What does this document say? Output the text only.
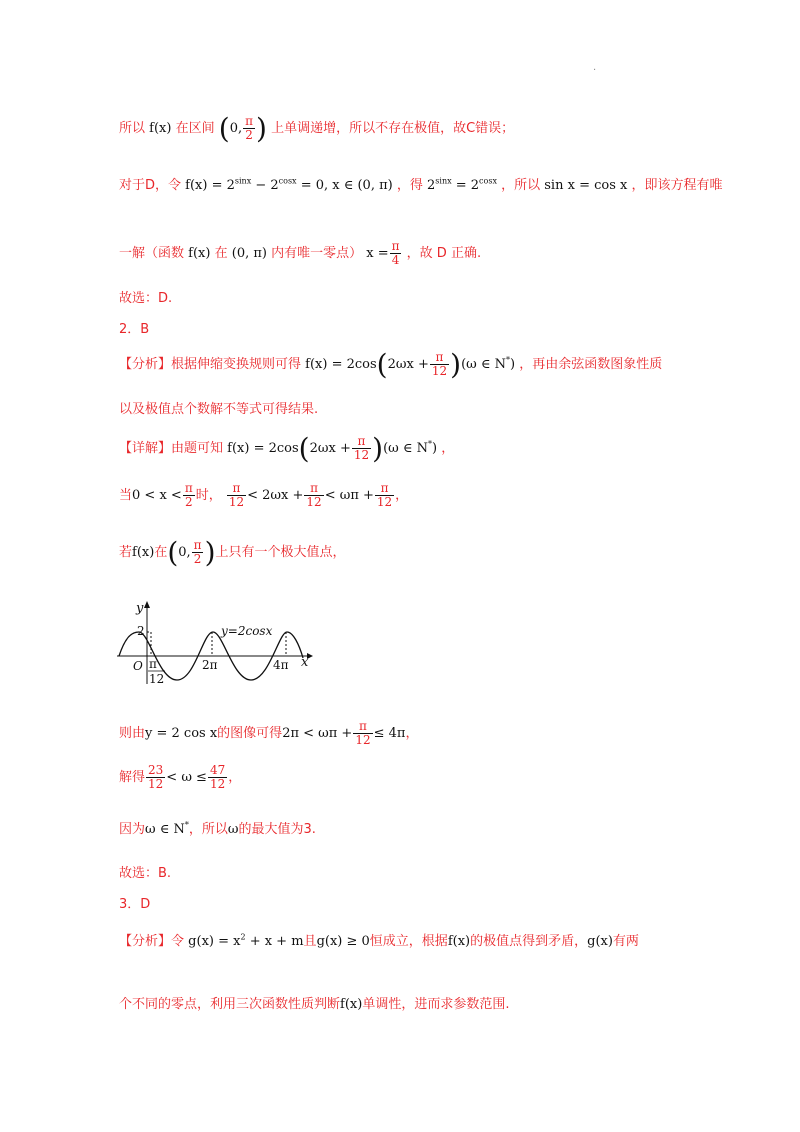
.
所以 f(x) 在区间 (0, $\frac{\pi}{2}$ ) 上单调递增，所以不存在极值，故C错误；
对于D，令 $f(x) = 2^{sinx} - 2^{cosx} = 0$, x ∈ (0, π) ，得 $2^{sinx} = 2^{cosx}$ ，所以 sin x = cos x ，即该方程有唯
一解（函数 f(x) 在 (0, π) 内有唯一零点） $x = \frac{\pi}{4}$ ，故 D 正确.
故选：D.
2．B
【分析】根据伸缩变换规则可得 $f(x) = 2\cos(2\omega x + \frac{\pi}{12} )(\omega$ ∈ N*) ，再由余弦函数图象性质
以及极值点个数解不等式可得结果.
【详解】由题可知 $f(x) = 2\cos(2\omega x + \frac{\pi}{12} )(\omega$ ∈ N*) ，
当$0 < x < \frac{\pi}{2}$ 时， $\frac{\pi}{12} < 2\omega x + \frac{\pi}{12} < \omega\pi + \frac{\pi}{12}$ ，
若f(x)在(0, $\frac{\pi}{2}$ )上只有一个极大值点，
y
2
O π
12
2π	4π x
y=2cosx
则由y = 2 cos x的图像可得$2\pi < \omega\pi + \frac{\pi}{12} \le 4\pi$，
解得 $\frac{23}{12} < \omega \le \frac{47}{12}$ ，
因为ω ∈ N*，所以ω的最大值为3.
故选：B.
3．D
【分析】令 $g(x) = x^2 + x + m$且g(x) ≥ 0恒成立，根据f(x)的极值点得到矛盾，g(x)有两
个不同的零点，利用三次函数性质判断f(x)单调性，进而求参数范围.
